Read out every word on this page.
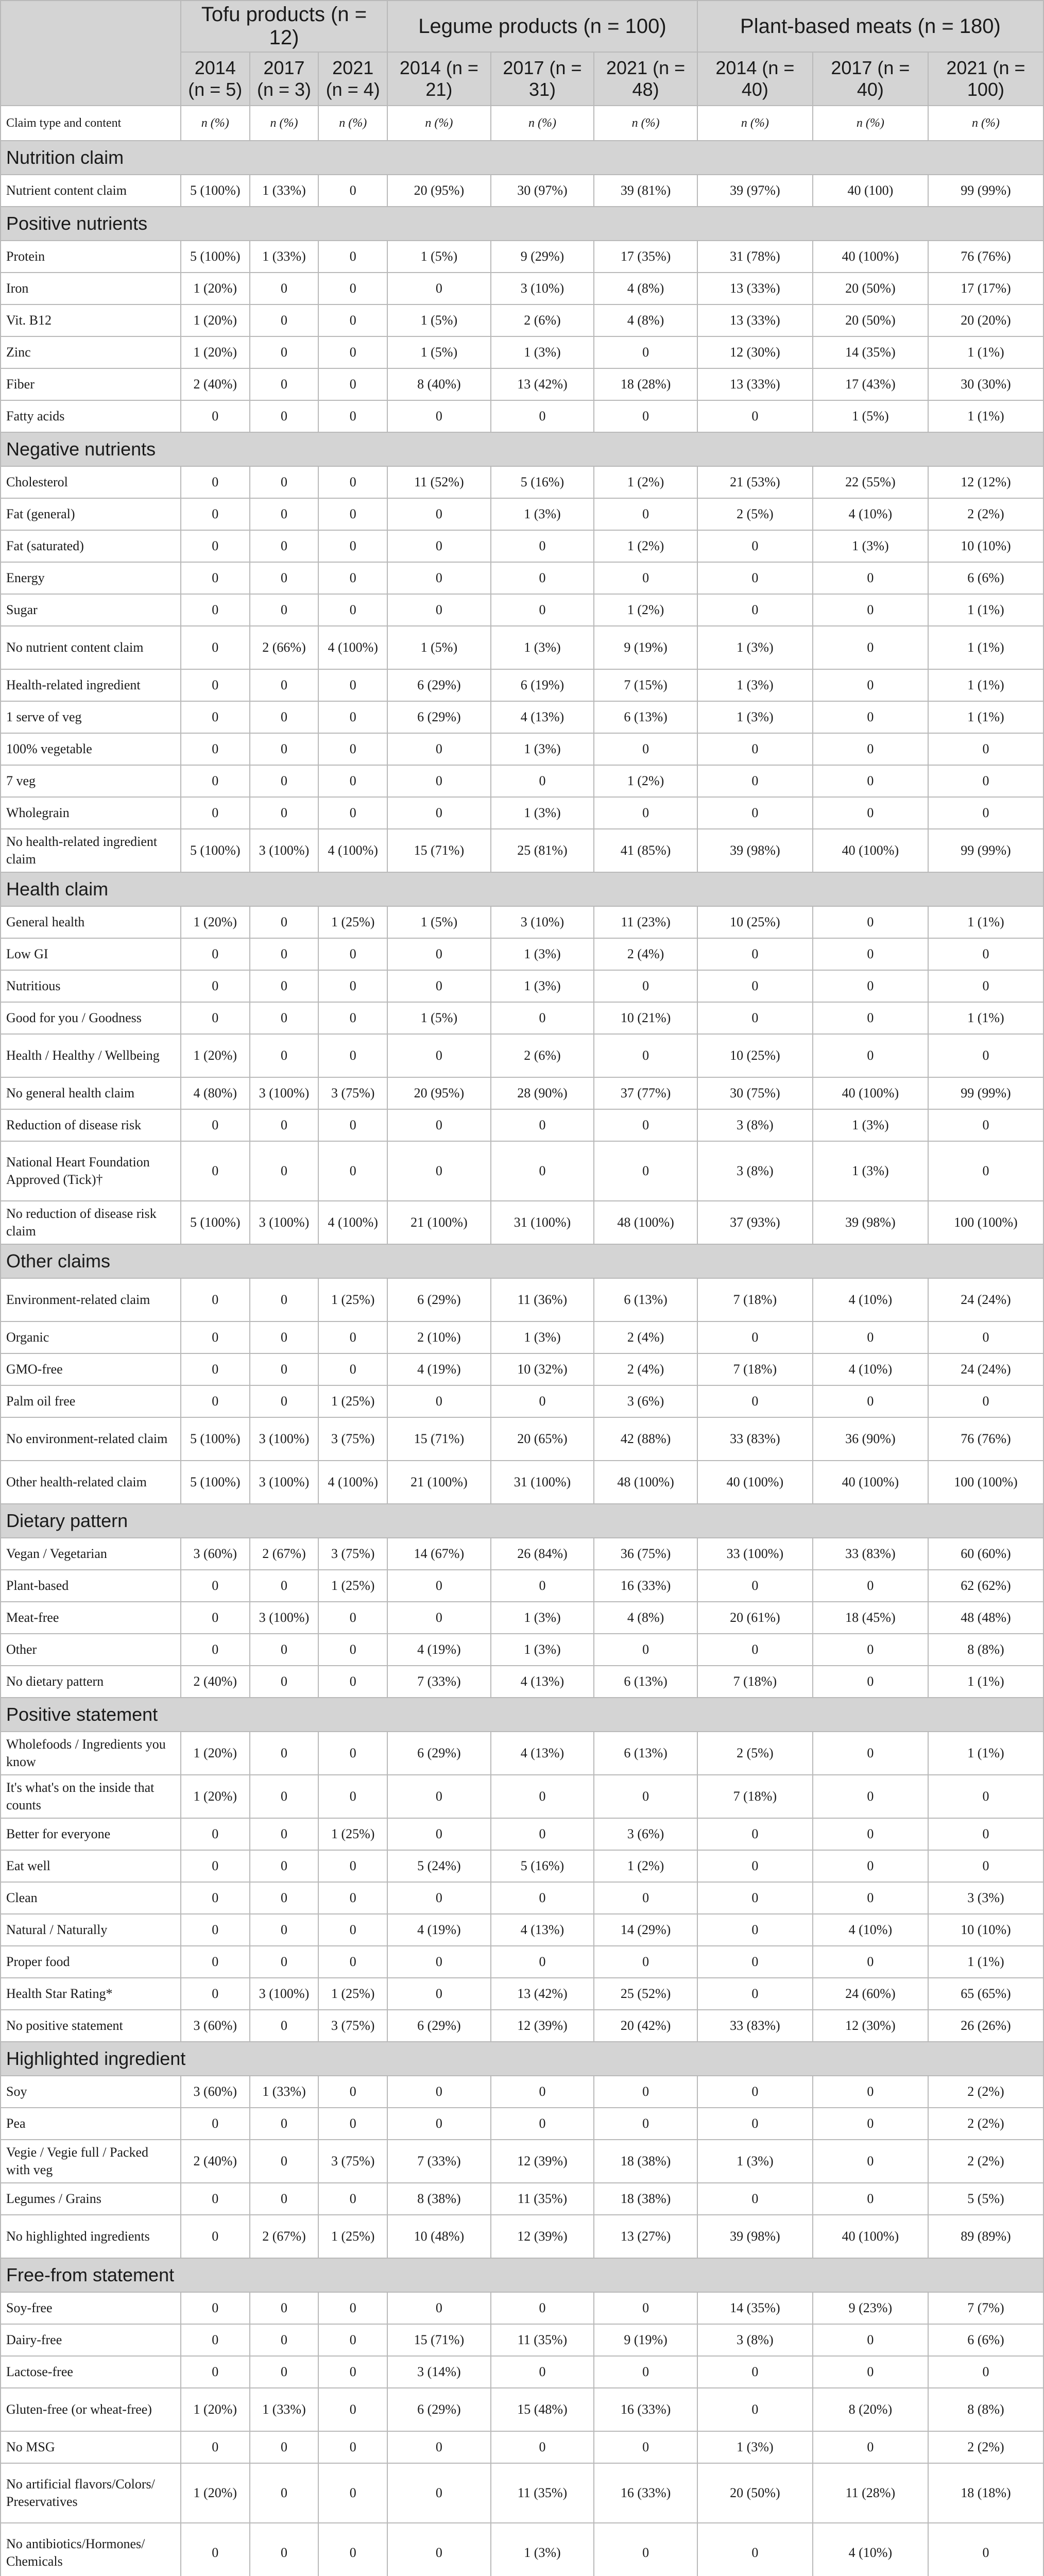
	Tofu products (n = 12)			Legume products (n = 100)			Plant-based meats (n = 180)		
	2014 (n = 5)	2017 (n = 3)	2021 (n = 4)	2014 (n = 21)	2017 (n = 31)	2021 (n = 48)	2014 (n = 40)	2017 (n = 40)	2021 (n = 100)
Claim type and content	n (%)	n (%)	n (%)	n (%)	n (%)	n (%)	n (%)	n (%)	n (%)
Nutrition claim									
Nutrient content claim	5 (100%)	1 (33%)	0	20 (95%)	30 (97%)	39 (81%)	39 (97%)	40 (100)	99 (99%)
Positive nutrients									
Protein	5 (100%)	1 (33%)	0	1 (5%)	9 (29%)	17 (35%)	31 (78%)	40 (100%)	76 (76%)
Iron	1 (20%)	0	0	0	3 (10%)	4 (8%)	13 (33%)	20 (50%)	17 (17%)
Vit. B12	1 (20%)	0	0	1 (5%)	2 (6%)	4 (8%)	13 (33%)	20 (50%)	20 (20%)
Zinc	1 (20%)	0	0	1 (5%)	1 (3%)	0	12 (30%)	14 (35%)	1 (1%)
Fiber	2 (40%)	0	0	8 (40%)	13 (42%)	18 (28%)	13 (33%)	17 (43%)	30 (30%)
Fatty acids	0	0	0	0	0	0	0	1 (5%)	1 (1%)
Negative nutrients									
Cholesterol	0	0	0	11 (52%)	5 (16%)	1 (2%)	21 (53%)	22 (55%)	12 (12%)
Fat (general)	0	0	0	0	1 (3%)	0	2 (5%)	4 (10%)	2 (2%)
Fat (saturated)	0	0	0	0	0	1 (2%)	0	1 (3%)	10 (10%)
Energy	0	0	0	0	0	0	0	0	6 (6%)
Sugar	0	0	0	0	0	1 (2%)	0	0	1 (1%)
No nutrient content claim	0	2 (66%)	4 (100%)	1 (5%)	1 (3%)	9 (19%)	1 (3%)	0	1 (1%)
Health-related ingredient	0	0	0	6 (29%)	6 (19%)	7 (15%)	1 (3%)	0	1 (1%)
1 serve of veg	0	0	0	6 (29%)	4 (13%)	6 (13%)	1 (3%)	0	1 (1%)
100% vegetable	0	0	0	0	1 (3%)	0	0	0	0
7 veg	0	0	0	0	0	1 (2%)	0	0	0
Wholegrain	0	0	0	0	1 (3%)	0	0	0	0
No health-related ingredient claim	5 (100%)	3 (100%)	4 (100%)	15 (71%)	25 (81%)	41 (85%)	39 (98%)	40 (100%)	99 (99%)
Health claim									
General health	1 (20%)	0	1 (25%)	1 (5%)	3 (10%)	11 (23%)	10 (25%)	0	1 (1%)
Low GI	0	0	0	0	1 (3%)	2 (4%)	0	0	0
Nutritious	0	0	0	0	1 (3%)	0	0	0	0
Good for you / Goodness	0	0	0	1 (5%)	0	10 (21%)	0	0	1 (1%)
Health / Healthy / Wellbeing	1 (20%)	0	0	0	2 (6%)	0	10 (25%)	0	0
No general health claim	4 (80%)	3 (100%)	3 (75%)	20 (95%)	28 (90%)	37 (77%)	30 (75%)	40 (100%)	99 (99%)
Reduction of disease risk	0	0	0	0	0	0	3 (8%)	1 (3%)	0
National Heart Foundation Approved (Tick)†	0	0	0	0	0	0	3 (8%)	1 (3%)	0
No reduction of disease risk claim	5 (100%)	3 (100%)	4 (100%)	21 (100%)	31 (100%)	48 (100%)	37 (93%)	39 (98%)	100 (100%)
Other claims									
Environment-related claim	0	0	1 (25%)	6 (29%)	11 (36%)	6 (13%)	7 (18%)	4 (10%)	24 (24%)
Organic	0	0	0	2 (10%)	1 (3%)	2 (4%)	0	0	0
GMO-free	0	0	0	4 (19%)	10 (32%)	2 (4%)	7 (18%)	4 (10%)	24 (24%)
Palm oil free	0	0	1 (25%)	0	0	3 (6%)	0	0	0
No environment-related claim	5 (100%)	3 (100%)	3 (75%)	15 (71%)	20 (65%)	42 (88%)	33 (83%)	36 (90%)	76 (76%)
Other health-related claim	5 (100%)	3 (100%)	4 (100%)	21 (100%)	31 (100%)	48 (100%)	40 (100%)	40 (100%)	100 (100%)
Dietary pattern									
Vegan / Vegetarian	3 (60%)	2 (67%)	3 (75%)	14 (67%)	26 (84%)	36 (75%)	33 (100%)	33 (83%)	60 (60%)
Plant-based	0	0	1 (25%)	0	0	16 (33%)	0	0	62 (62%)
Meat-free	0	3 (100%)	0	0	1 (3%)	4 (8%)	20 (61%)	18 (45%)	48 (48%)
Other	0	0	0	4 (19%)	1 (3%)	0	0	0	8 (8%)
No dietary pattern	2 (40%)	0	0	7 (33%)	4 (13%)	6 (13%)	7 (18%)	0	1 (1%)
Positive statement									
Wholefoods / Ingredients you know	1 (20%)	0	0	6 (29%)	4 (13%)	6 (13%)	2 (5%)	0	1 (1%)
It's what's on the inside that counts	1 (20%)	0	0	0	0	0	7 (18%)	0	0
Better for everyone	0	0	1 (25%)	0	0	3 (6%)	0	0	0
Eat well	0	0	0	5 (24%)	5 (16%)	1 (2%)	0	0	0
Clean	0	0	0	0	0	0	0	0	3 (3%)
Natural / Naturally	0	0	0	4 (19%)	4 (13%)	14 (29%)	0	4 (10%)	10 (10%)
Proper food	0	0	0	0	0	0	0	0	1 (1%)
Health Star Rating*	0	3 (100%)	1 (25%)	0	13 (42%)	25 (52%)	0	24 (60%)	65 (65%)
No positive statement	3 (60%)	0	3 (75%)	6 (29%)	12 (39%)	20 (42%)	33 (83%)	12 (30%)	26 (26%)
Highlighted ingredient									
Soy	3 (60%)	1 (33%)	0	0	0	0	0	0	2 (2%)
Pea	0	0	0	0	0	0	0	0	2 (2%)
Vegie / Vegie full / Packed with veg	2 (40%)	0	3 (75%)	7 (33%)	12 (39%)	18 (38%)	1 (3%)	0	2 (2%)
Legumes / Grains	0	0	0	8 (38%)	11 (35%)	18 (38%)	0	0	5 (5%)
No highlighted ingredients	0	2 (67%)	1 (25%)	10 (48%)	12 (39%)	13 (27%)	39 (98%)	40 (100%)	89 (89%)
Free-from statement									
Soy-free	0	0	0	0	0	0	14 (35%)	9 (23%)	7 (7%)
Dairy-free	0	0	0	15 (71%)	11 (35%)	9 (19%)	3 (8%)	0	6 (6%)
Lactose-free	0	0	0	3 (14%)	0	0	0	0	0
Gluten-free (or wheat-free)	1 (20%)	1 (33%)	0	6 (29%)	15 (48%)	16 (33%)	0	8 (20%)	8 (8%)
No MSG	0	0	0	0	0	0	1 (3%)	0	2 (2%)
No artificial flavors/Colors/ Preservatives	1 (20%)	0	0	0	11 (35%)	16 (33%)	20 (50%)	11 (28%)	18 (18%)
No antibiotics/Hormones/ Chemicals	0	0	0	0	1 (3%)	0	0	4 (10%)	0
